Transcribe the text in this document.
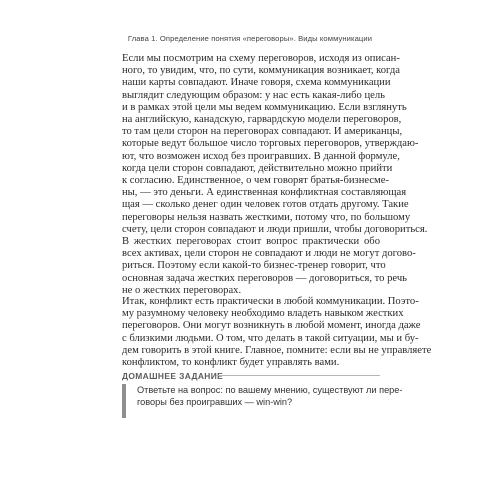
Глава 1. Определение понятия «переговоры». Виды коммуникации
Если мы посмотрим на схему переговоров, исходя из описан-
ного, то увидим, что, по сути, коммуникация возникает, когда
наши карты совпадают. Иначе говоря, схема коммуникации
выглядит следующим образом: у нас есть какая-либо цель
и в рамках этой цели мы ведем коммуникацию. Если взглянуть
на английскую, канадскую, гарвардскую модели переговоров,
то там цели сторон на переговорах совпадают. И американцы,
которые ведут большое число торговых переговоров, утверждаю-
ют, что возможен исход без проигравших. В данной формуле,
когда цели сторон совпадают, действительно можно прийти
к согласию. Единственное, о чем говорят братья-бизнесме-
ны, — это деньги. А единственная конфликтная составляющая
щая — сколько денег один человек готов отдать другому. Такие
переговоры нельзя назвать жесткими, потому что, по большому
счету, цели сторон совпадают и люди пришли, чтобы договориться.
В жестких переговорах стоит вопрос практически обо
всех активах, цели сторон не совпадают и люди не могут догово-
риться. Поэтому если какой-то бизнес-тренер говорит, что
основная задача жестких переговоров — договориться, то речь
не о жестких переговорах.
Итак, конфликт есть практически в любой коммуникации. Поэто-
му разумному человеку необходимо владеть навыком жестких
переговоров. Они могут возникнуть в любой момент, иногда даже
с близкими людьми. О том, что делать в такой ситуации, мы и бу-
дем говорить в этой книге. Главное, помните: если вы не управляете
конфликтом, то конфликт будет управлять вами.
ДОМАШНЕЕ ЗАДАНИЕ
Ответьте на вопрос: по вашему мнению, существуют ли пере-
говоры без проигравших — win-win?
